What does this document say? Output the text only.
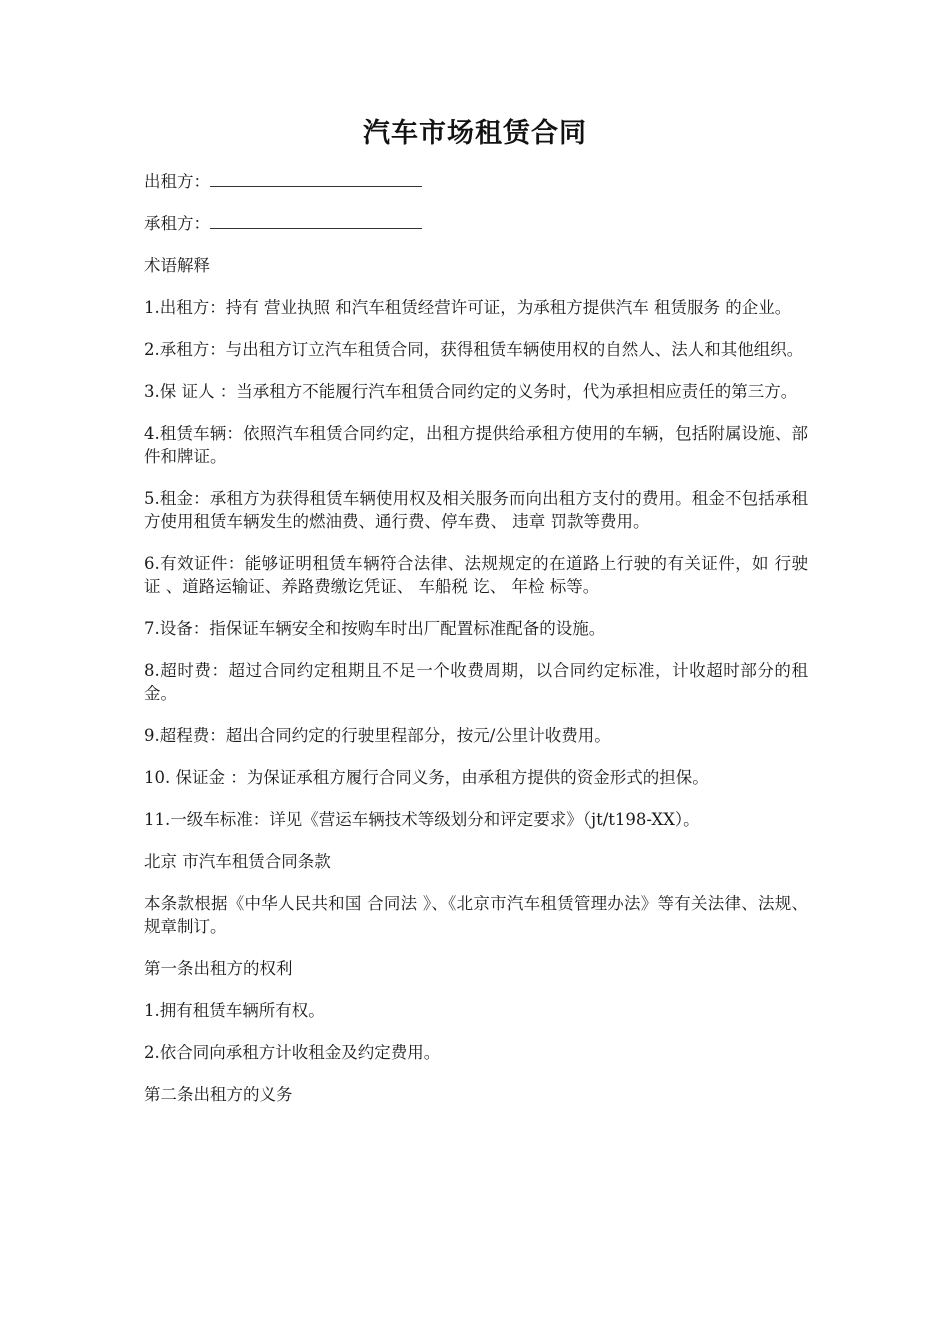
汽车市场租赁合同

出租方：

承租方：

术语解释

1.出租方：持有 营业执照 和汽车租赁经营许可证，为承租方提供汽车 租赁服务 的企业。

2.承租方：与出租方订立汽车租赁合同，获得租赁车辆使用权的自然人、法人和其他组织。

3.保 证人 ：当承租方不能履行汽车租赁合同约定的义务时，代为承担相应责任的第三方。

4.租赁车辆：依照汽车租赁合同约定，出租方提供给承租方使用的车辆，包括附属设施、部件和牌证。

5.租金：承租方为获得租赁车辆使用权及相关服务而向出租方支付的费用。租金不包括承租方使用租赁车辆发生的燃油费、通行费、停车费、 违章 罚款等费用。

6.有效证件：能够证明租赁车辆符合法律、法规规定的在道路上行驶的有关证件，如 行驶证 、道路运输证、养路费缴讫凭证、 车船税 讫、 年检 标等。

7.设备：指保证车辆安全和按购车时出厂配置标准配备的设施。

8.超时费：超过合同约定租期且不足一个收费周期，以合同约定标准，计收超时部分的租金。

9.超程费：超出合同约定的行驶里程部分，按元/公里计收费用。

10. 保证金 ：为保证承租方履行合同义务，由承租方提供的资金形式的担保。

11.一级车标准：详见《营运车辆技术等级划分和评定要求》（jt/t198-XX）。

北京 市汽车租赁合同条款

本条款根据《中华人民共和国 合同法 》、《北京市汽车租赁管理办法》等有关法律、法规、规章制订。

第一条出租方的权利

1.拥有租赁车辆所有权。

2.依合同向承租方计收租金及约定费用。

第二条出租方的义务
